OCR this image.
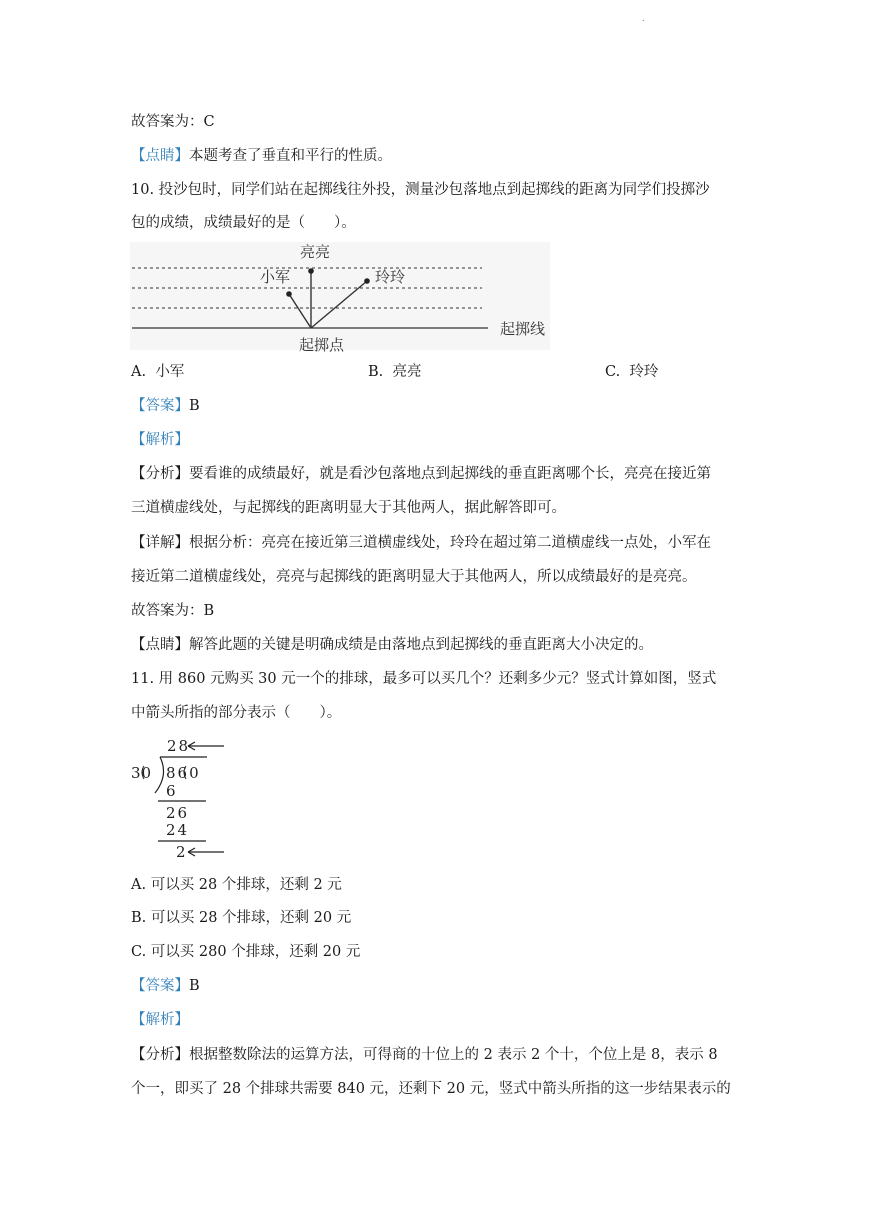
.
故答案为：C
【点睛】本题考查了垂直和平行的性质。
10. 投沙包时，同学们站在起掷线往外投，测量沙包落地点到起掷线的距离为同学们投掷沙
包的成绩，成绩最好的是（　　）。
亮亮
小军	玲玲
起掷线
起掷点
A. 小军	B. 亮亮	C. 玲玲
【答案】B
【解析】
【分析】要看谁的成绩最好，就是看沙包落地点到起掷线的垂直距离哪个长，亮亮在接近第
三道横虚线处，与起掷线的距离明显大于其他两人，据此解答即可。
【详解】根据分析：亮亮在接近第三道横虚线处，玲玲在超过第二道横虚线一点处，小军在
接近第二道横虚线处，亮亮与起掷线的距离明显大于其他两人，所以成绩最好的是亮亮。
故答案为：B
【点睛】解答此题的关键是明确成绩是由落地点到起掷线的垂直距离大小决定的。
11. 用 860 元购买 30 元一个的排球，最多可以买几个？还剩多少元？竖式计算如图，竖式
中箭头所指的部分表示（　　）。
28
30 860
6
26
24
2
A. 可以买 28 个排球，还剩 2 元
B. 可以买 28 个排球，还剩 20 元
C. 可以买 280 个排球，还剩 20 元
【答案】B
【解析】
【分析】根据整数除法的运算方法，可得商的十位上的 2 表示 2 个十，个位上是 8，表示 8
个一，即买了 28 个排球共需要 840 元，还剩下 20 元，竖式中箭头所指的这一步结果表示的
